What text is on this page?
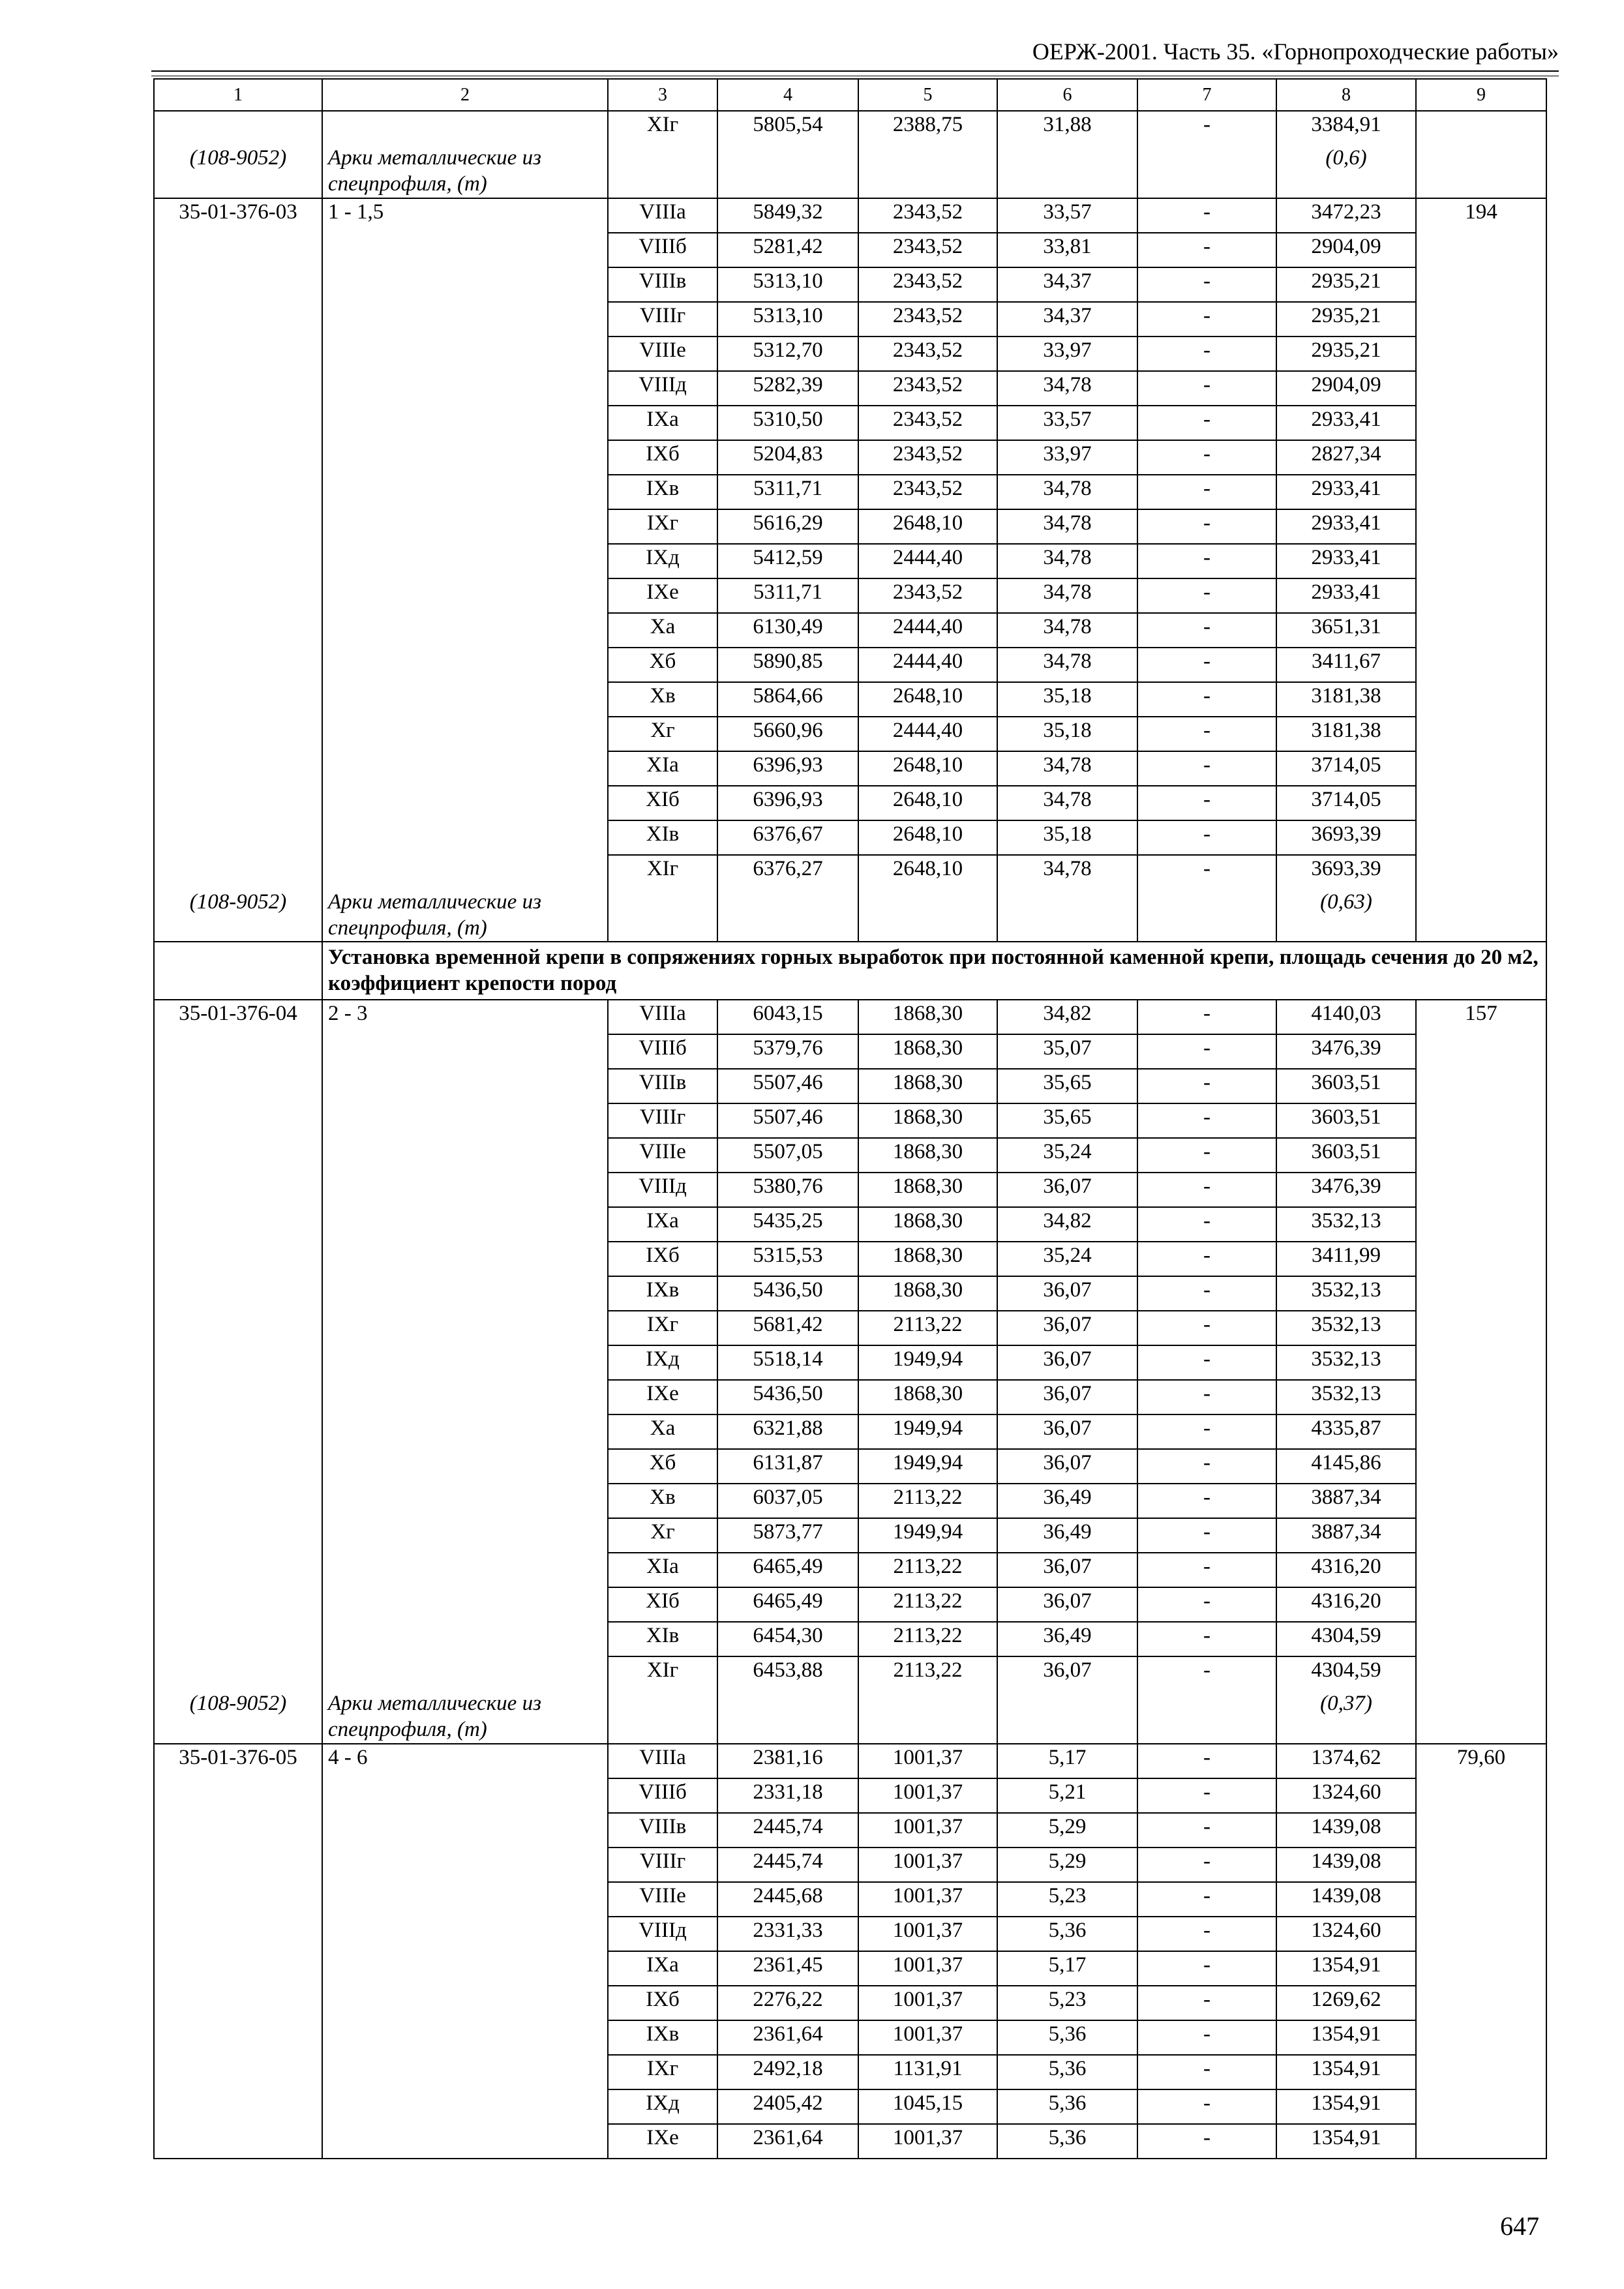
ОЕРЖ-2001. Часть 35. «Горнопроходческие работы»
1	2	3	4	5	6	7	8	9
		XIг	5805,54	2388,75	31,88	-	3384,91	
(108-9052)	Арки металлические из спецпрофиля, (т)						(0,6)	
35-01-376-03	1 - 1,5	VIIIа	5849,32	2343,52	33,57	-	3472,23	194
		VIIIб	5281,42	2343,52	33,81	-	2904,09	
		VIIIв	5313,10	2343,52	34,37	-	2935,21	
		VIIIг	5313,10	2343,52	34,37	-	2935,21	
		VIIIе	5312,70	2343,52	33,97	-	2935,21	
		VIIIд	5282,39	2343,52	34,78	-	2904,09	
		IXа	5310,50	2343,52	33,57	-	2933,41	
		IXб	5204,83	2343,52	33,97	-	2827,34	
		IXв	5311,71	2343,52	34,78	-	2933,41	
		IXг	5616,29	2648,10	34,78	-	2933,41	
		IXд	5412,59	2444,40	34,78	-	2933,41	
		IXе	5311,71	2343,52	34,78	-	2933,41	
		Xа	6130,49	2444,40	34,78	-	3651,31	
		Xб	5890,85	2444,40	34,78	-	3411,67	
		Xв	5864,66	2648,10	35,18	-	3181,38	
		Xг	5660,96	2444,40	35,18	-	3181,38	
		XIа	6396,93	2648,10	34,78	-	3714,05	
		XIб	6396,93	2648,10	34,78	-	3714,05	
		XIв	6376,67	2648,10	35,18	-	3693,39	
		XIг	6376,27	2648,10	34,78	-	3693,39	
(108-9052)	Арки металлические из спецпрофиля, (т)						(0,63)	
	Установка временной крепи в сопряжениях горных выработок при постоянной каменной крепи, площадь сечения до 20 м2, коэффициент крепости пород							
35-01-376-04	2 - 3	VIIIа	6043,15	1868,30	34,82	-	4140,03	157
		VIIIб	5379,76	1868,30	35,07	-	3476,39	
		VIIIв	5507,46	1868,30	35,65	-	3603,51	
		VIIIг	5507,46	1868,30	35,65	-	3603,51	
		VIIIе	5507,05	1868,30	35,24	-	3603,51	
		VIIIд	5380,76	1868,30	36,07	-	3476,39	
		IXа	5435,25	1868,30	34,82	-	3532,13	
		IXб	5315,53	1868,30	35,24	-	3411,99	
		IXв	5436,50	1868,30	36,07	-	3532,13	
		IXг	5681,42	2113,22	36,07	-	3532,13	
		IXд	5518,14	1949,94	36,07	-	3532,13	
		IXе	5436,50	1868,30	36,07	-	3532,13	
		Xа	6321,88	1949,94	36,07	-	4335,87	
		Xб	6131,87	1949,94	36,07	-	4145,86	
		Xв	6037,05	2113,22	36,49	-	3887,34	
		Xг	5873,77	1949,94	36,49	-	3887,34	
		XIа	6465,49	2113,22	36,07	-	4316,20	
		XIб	6465,49	2113,22	36,07	-	4316,20	
		XIв	6454,30	2113,22	36,49	-	4304,59	
		XIг	6453,88	2113,22	36,07	-	4304,59	
(108-9052)	Арки металлические из спецпрофиля, (т)						(0,37)	
35-01-376-05	4 - 6	VIIIа	2381,16	1001,37	5,17	-	1374,62	79,60
		VIIIб	2331,18	1001,37	5,21	-	1324,60	
		VIIIв	2445,74	1001,37	5,29	-	1439,08	
		VIIIг	2445,74	1001,37	5,29	-	1439,08	
		VIIIе	2445,68	1001,37	5,23	-	1439,08	
		VIIIд	2331,33	1001,37	5,36	-	1324,60	
		IXа	2361,45	1001,37	5,17	-	1354,91	
		IXб	2276,22	1001,37	5,23	-	1269,62	
		IXв	2361,64	1001,37	5,36	-	1354,91	
		IXг	2492,18	1131,91	5,36	-	1354,91	
		IXд	2405,42	1045,15	5,36	-	1354,91	
		IXе	2361,64	1001,37	5,36	-	1354,91	
647
